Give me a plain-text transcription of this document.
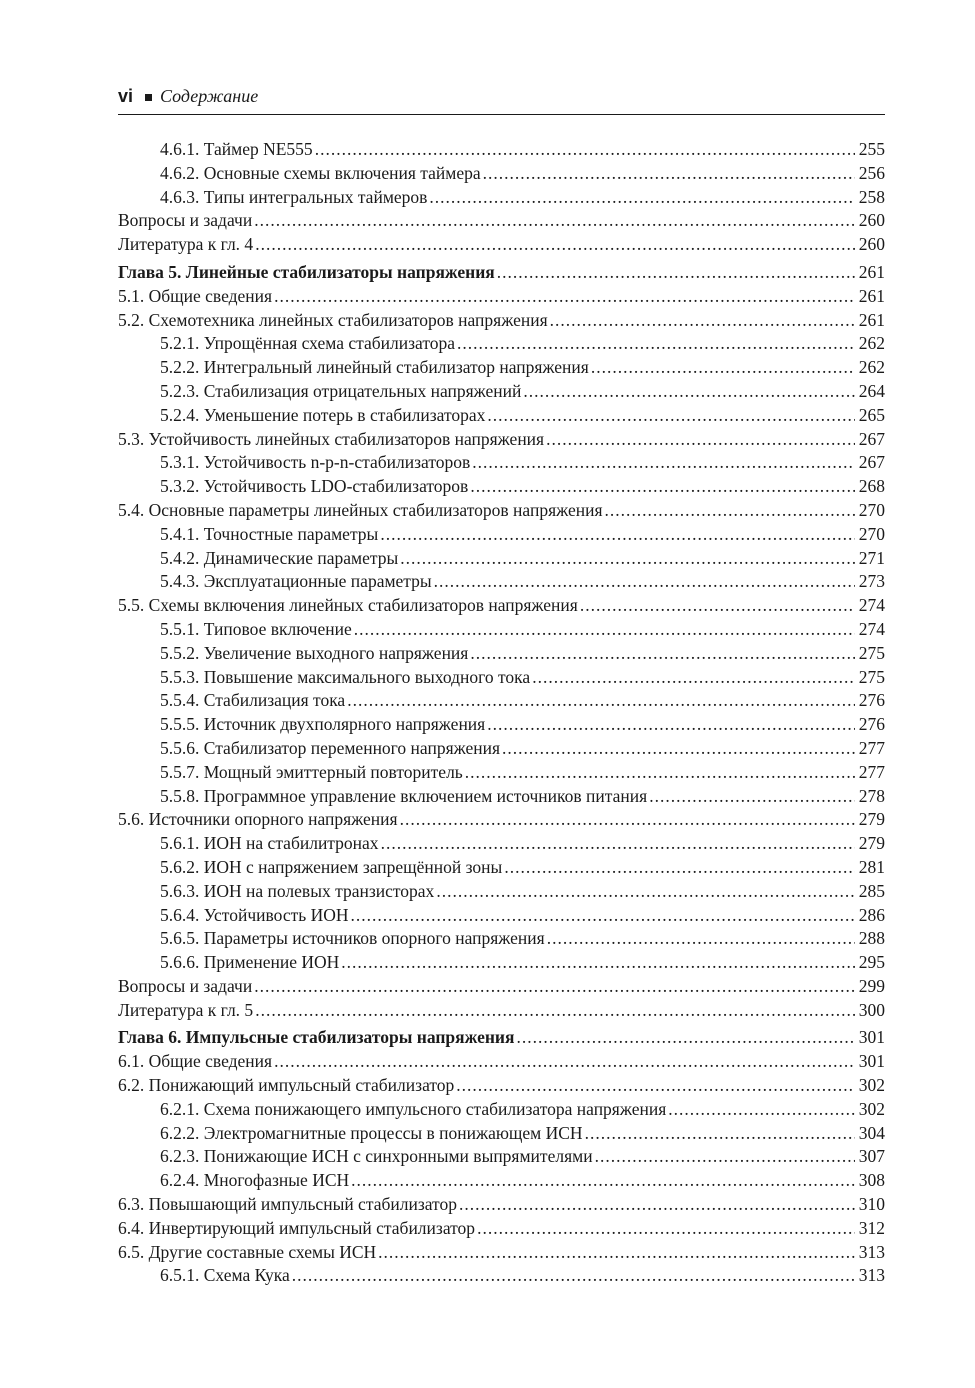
vi Содержание
4.6.1. Таймер NE555 .....	255
4.6.2. Основные схемы включения таймера .....	256
4.6.3. Типы интегральных таймеров .....	258
Вопросы и задачи .....	260
Литература к гл. 4 .....	260
Глава 5. Линейные стабилизаторы напряжения .....	261
5.1. Общие сведения .....	261
5.2. Схемотехника линейных стабилизаторов напряжения .....	261
5.2.1. Упрощённая схема стабилизатора .....	262
5.2.2. Интегральный линейный стабилизатор напряжения .....	262
5.2.3. Стабилизация отрицательных напряжений .....	264
5.2.4. Уменьшение потерь в стабилизаторах .....	265
5.3. Устойчивость линейных стабилизаторов напряжения .....	267
5.3.1. Устойчивость n-p-n-стабилизаторов .....	267
5.3.2. Устойчивость LDO-стабилизаторов .....	268
5.4. Основные параметры линейных стабилизаторов напряжения .....	270
5.4.1. Точностные параметры .....	270
5.4.2. Динамические параметры .....	271
5.4.3. Эксплуатационные параметры .....	273
5.5. Схемы включения линейных стабилизаторов напряжения .....	274
5.5.1. Типовое включение .....	274
5.5.2. Увеличение выходного напряжения .....	275
5.5.3. Повышение максимального выходного тока .....	275
5.5.4. Стабилизация тока .....	276
5.5.5. Источник двухполярного напряжения .....	276
5.5.6. Стабилизатор переменного напряжения .....	277
5.5.7. Мощный эмиттерный повторитель .....	277
5.5.8. Программное управление включением источников питания .....	278
5.6. Источники опорного напряжения .....	279
5.6.1. ИОН на стабилитронах .....	279
5.6.2. ИОН с напряжением запрещённой зоны .....	281
5.6.3. ИОН на полевых транзисторах .....	285
5.6.4. Устойчивость ИОН .....	286
5.6.5. Параметры источников опорного напряжения .....	288
5.6.6. Применение ИОН .....	295
Вопросы и задачи .....	299
Литература к гл. 5 .....	300
Глава 6. Импульсные стабилизаторы напряжения .....	301
6.1. Общие сведения .....	301
6.2. Понижающий импульсный стабилизатор .....	302
6.2.1. Схема понижающего импульсного стабилизатора напряжения .....	302
6.2.2. Электромагнитные процессы в понижающем ИСН .....	304
6.2.3. Понижающие ИСН с синхронными выпрямителями .....	307
6.2.4. Многофазные ИСН .....	308
6.3. Повышающий импульсный стабилизатор .....	310
6.4. Инвертирующий импульсный стабилизатор .....	312
6.5. Другие составные схемы ИСН .....	313
6.5.1. Схема Кука .....	313
